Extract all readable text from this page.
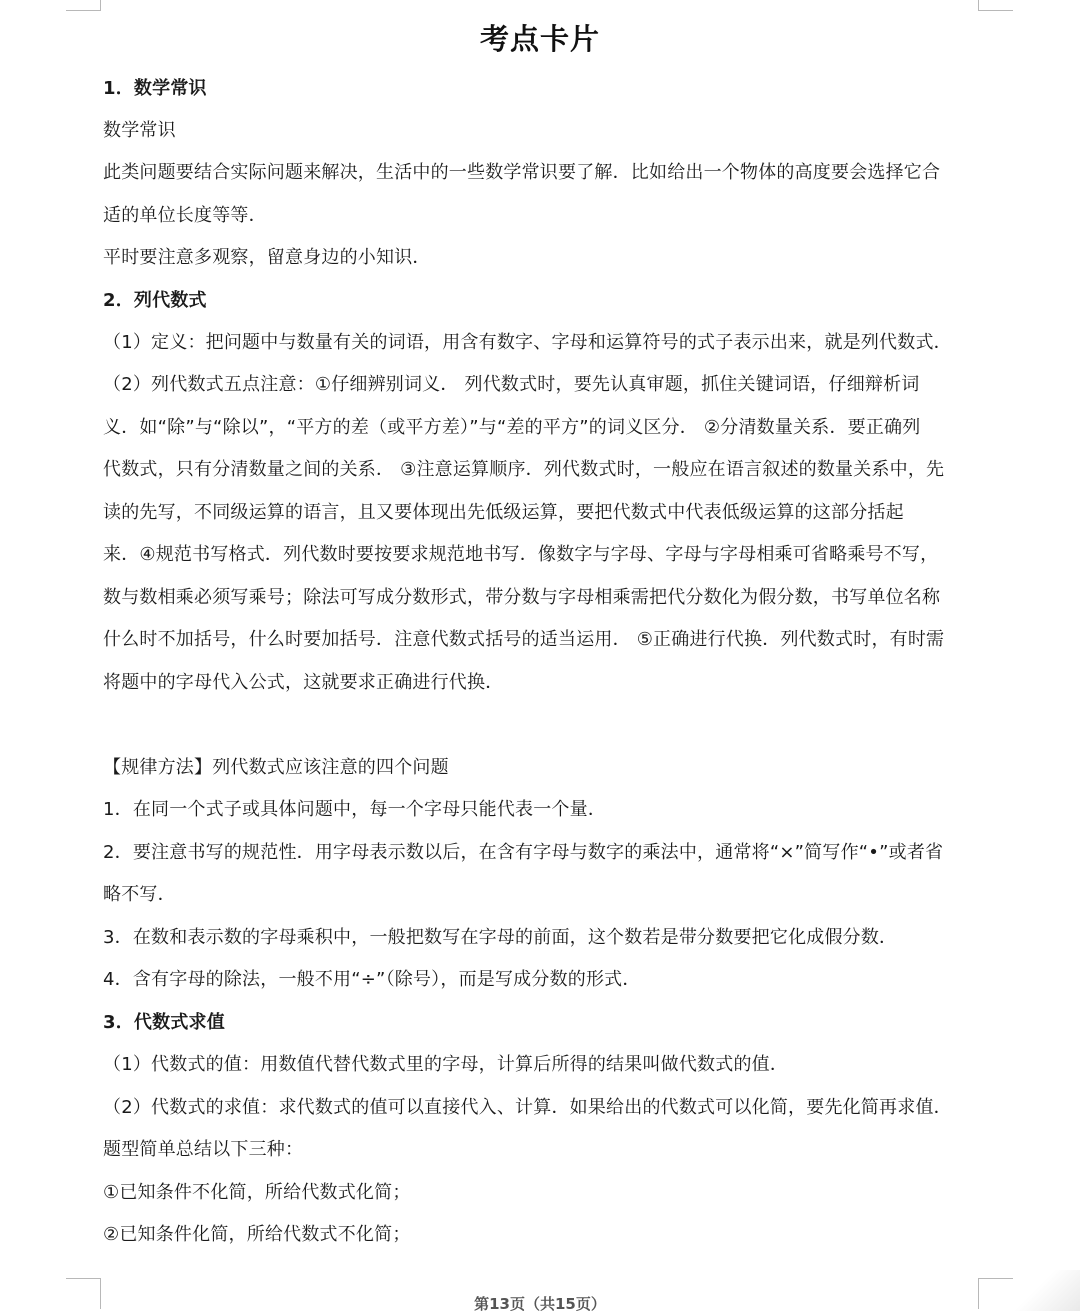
考点卡片

1．数学常识

数学常识

此类问题要结合实际问题来解决，生活中的一些数学常识要了解．比如给出一个物体的高度要会选择它合

适的单位长度等等．

平时要注意多观察，留意身边的小知识．

2．列代数式

（1）定义：把问题中与数量有关的词语，用含有数字、字母和运算符号的式子表示出来，就是列代数式．

（2）列代数式五点注意：①仔细辨别词义． 列代数式时，要先认真审题，抓住关键词语，仔细辩析词

义．如“除”与“除以”，“平方的差（或平方差）”与“差的平方”的词义区分． ②分清数量关系．要正确列

代数式，只有分清数量之间的关系． ③注意运算顺序．列代数式时，一般应在语言叙述的数量关系中，先

读的先写，不同级运算的语言，且又要体现出先低级运算，要把代数式中代表低级运算的这部分括起

来．④规范书写格式．列代数时要按要求规范地书写．像数字与字母、字母与字母相乘可省略乘号不写，

数与数相乘必须写乘号；除法可写成分数形式，带分数与字母相乘需把代分数化为假分数，书写单位名称

什么时不加括号，什么时要加括号．注意代数式括号的适当运用． ⑤正确进行代换．列代数式时，有时需

将题中的字母代入公式，这就要求正确进行代换．

【规律方法】列代数式应该注意的四个问题

1．在同一个式子或具体问题中，每一个字母只能代表一个量．

2．要注意书写的规范性．用字母表示数以后，在含有字母与数字的乘法中，通常将“×”简写作“•”或者省

略不写．

3．在数和表示数的字母乘积中，一般把数写在字母的前面，这个数若是带分数要把它化成假分数．

4．含有字母的除法，一般不用“÷”（除号），而是写成分数的形式．

3．代数式求值

（1）代数式的值：用数值代替代数式里的字母，计算后所得的结果叫做代数式的值．

（2）代数式的求值：求代数式的值可以直接代入、计算．如果给出的代数式可以化简，要先化简再求值．

题型简单总结以下三种：

①已知条件不化简，所给代数式化简；

②已知条件化简，所给代数式不化简；

第13页（共15页）
